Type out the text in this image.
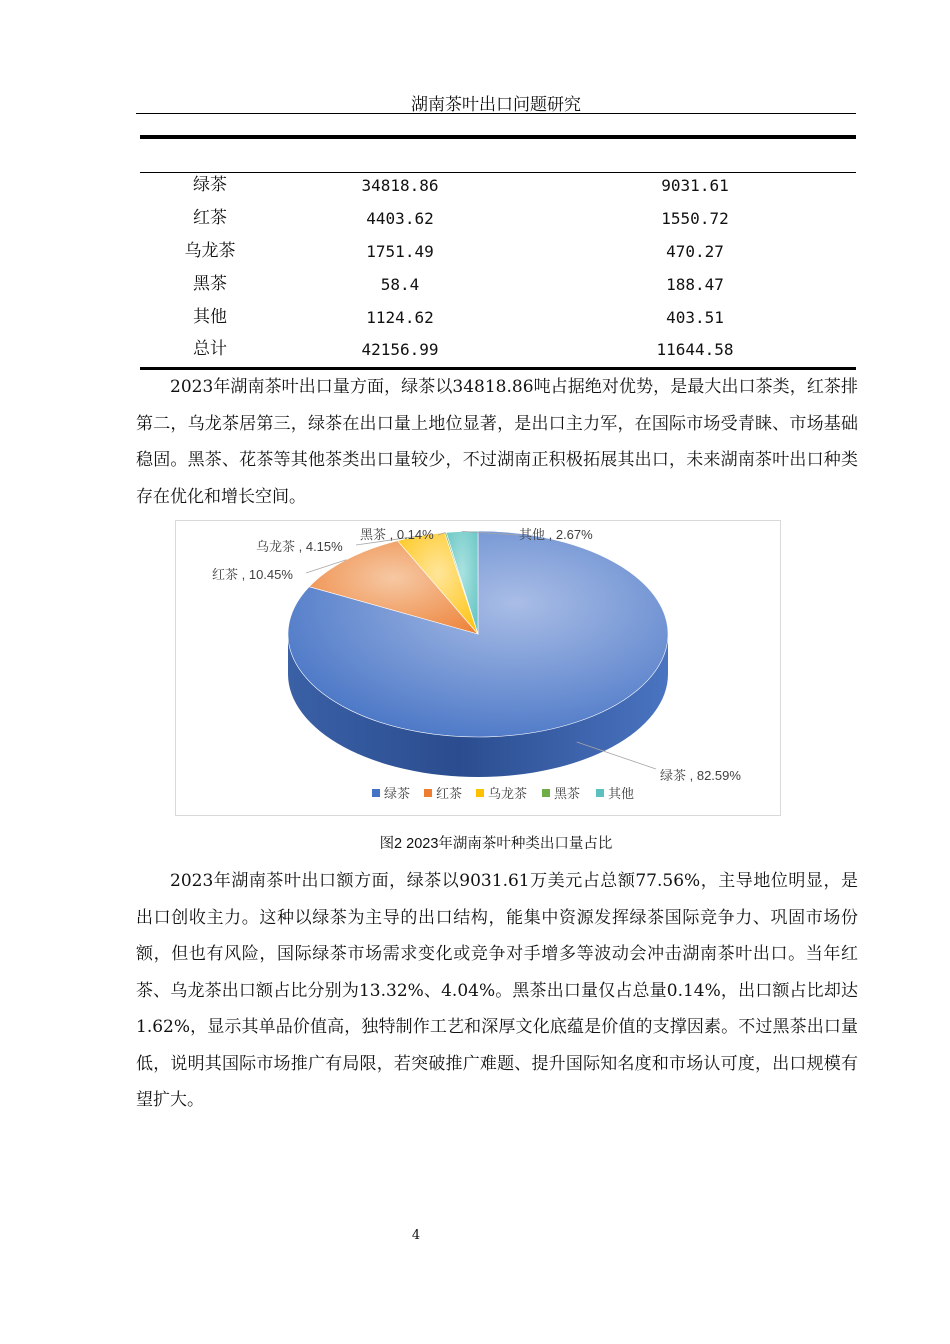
湖南茶叶出口问题研究
绿茶	34818.86	9031.61
红茶	4403.62	1550.72
乌龙茶	1751.49	470.27
黑茶	58.4	188.47
其他	1124.62	403.51
总计	42156.99	11644.58

2023年湖南茶叶出口量方面，绿茶以34818.86吨占据绝对优势，是最大出口茶类，红茶排第二，乌龙茶居第三，绿茶在出口量上地位显著，是出口主力军，在国际市场受青睐、市场基础稳固。黑茶、花茶等其他茶类出口量较少，不过湖南正积极拓展其出口，未来湖南茶叶出口种类存在优化和增长空间。

绿茶 , 82.59%
红茶 , 10.45%
乌龙茶 , 4.15%
黑茶 , 0.14%	其他 , 2.67%
绿茶 红茶 乌龙茶 黑茶 其他
图2 2023年湖南茶叶种类出口量占比

2023年湖南茶叶出口额方面，绿茶以9031.61万美元占总额77.56%，主导地位明显，是出口创收主力。这种以绿茶为主导的出口结构，能集中资源发挥绿茶国际竞争力、巩固市场份额，但也有风险，国际绿茶市场需求变化或竞争对手增多等波动会冲击湖南茶叶出口。当年红茶、乌龙茶出口额占比分别为13.32%、4.04%。黑茶出口量仅占总量0.14%，出口额占比却达1.62%，显示其单品价值高，独特制作工艺和深厚文化底蕴是价值的支撑因素。不过黑茶出口量低，说明其国际市场推广有局限，若突破推广难题、提升国际知名度和市场认可度，出口规模有望扩大。

4
